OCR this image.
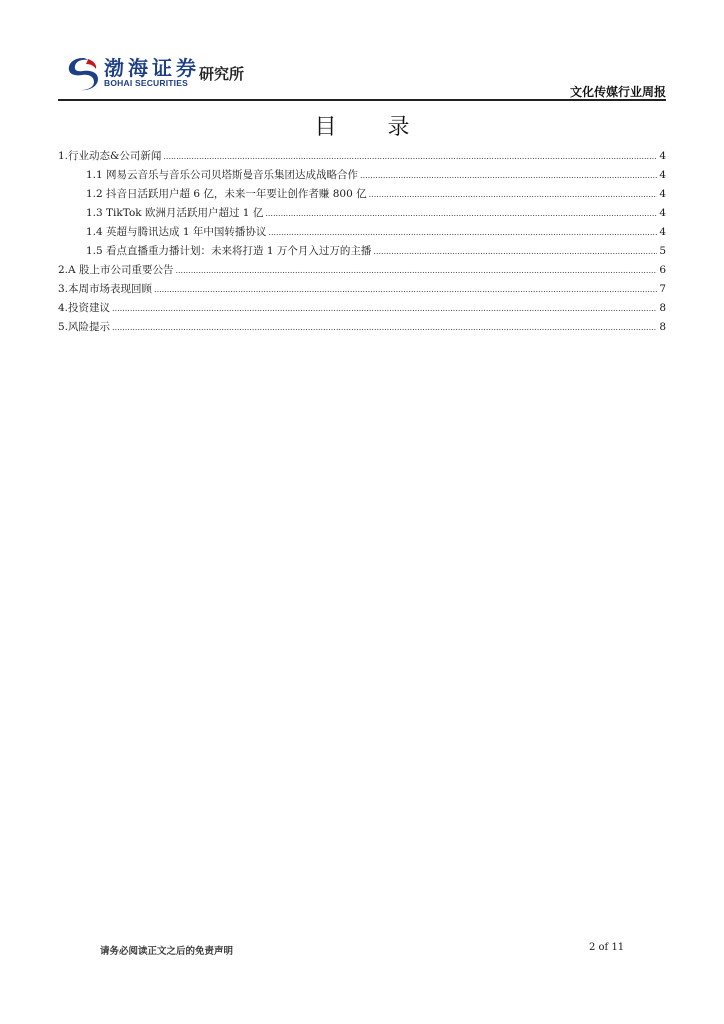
渤海证券
BOHAI SECURITIES 研究所
文化传媒行业周报
目 录
1.行业动态&公司新闻 .....	4
1.1 网易云音乐与音乐公司贝塔斯曼音乐集团达成战略合作 .....	4
1.2 抖音日活跃用户超 6 亿，未来一年要让创作者赚 800 亿 .....	4
1.3 TikTok 欧洲月活跃用户超过 1 亿 .....	4
1.4 英超与腾讯达成 1 年中国转播协议 .....	4
1.5 看点直播重力播计划：未来将打造 1 万个月入过万的主播 .....	5
2.A 股上市公司重要公告 .....	6
3.本周市场表现回顾 .....	7
4.投资建议 .....	8
5.风险提示 .....	8
请务必阅读正文之后的免责声明	2 of 11
